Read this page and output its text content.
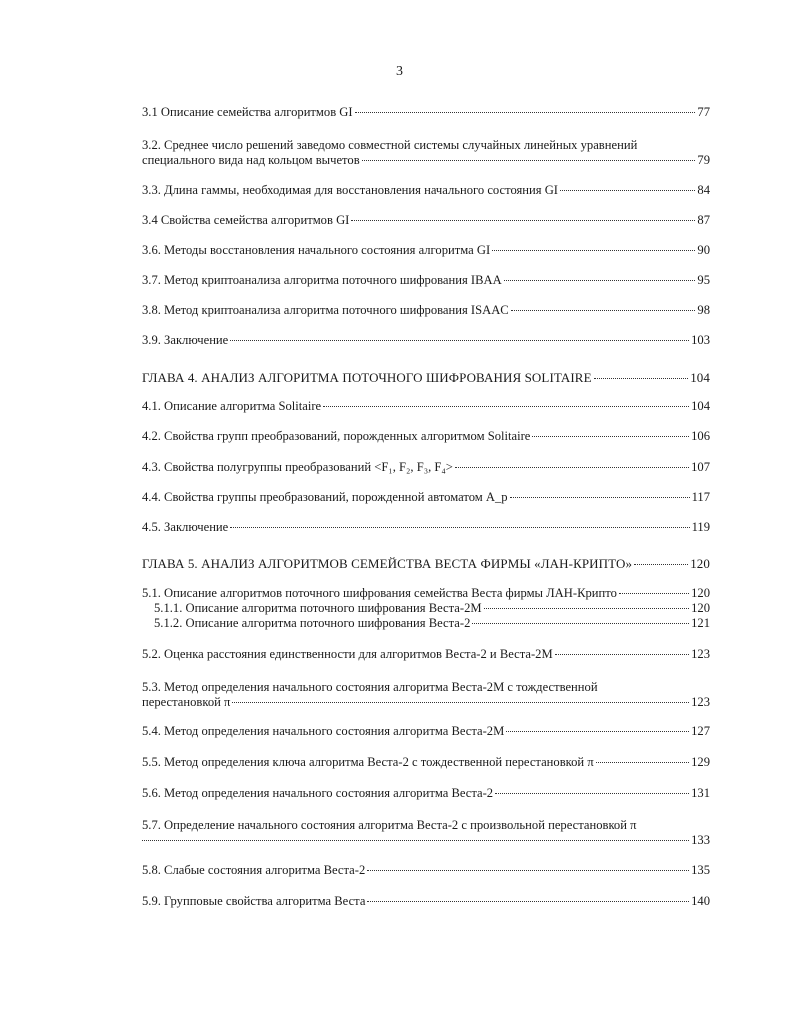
3
3.1 Описание семейства алгоритмов GI	77
3.2. Среднее число решений заведомо совместной системы случайных линейных уравнений
специального вида над кольцом вычетов	79
3.3. Длина гаммы, необходимая для восстановления начального состояния GI	84
3.4 Свойства семейства алгоритмов GI	87
3.6. Методы восстановления начального состояния алгоритма GI	90
3.7. Метод криптоанализа алгоритма поточного шифрования IBAA	95
3.8. Метод криптоанализа алгоритма поточного шифрования ISAAC	98
3.9. Заключение	103
ГЛАВА 4. АНАЛИЗ АЛГОРИТМА ПОТОЧНОГО ШИФРОВАНИЯ SOLITAIRE	104
4.1. Описание алгоритма Solitaire	104
4.2. Свойства групп преобразований, порожденных алгоритмом Solitaire	106
4.3. Свойства полугруппы преобразований <F₁, F₂, F₃, F₄>	107
4.4. Свойства группы преобразований, порожденной автоматом A_p	117
4.5. Заключение	119
ГЛАВА 5. АНАЛИЗ АЛГОРИТМОВ СЕМЕЙСТВА ВЕСТА ФИРМЫ «ЛАН-КРИПТО»	120
5.1. Описание алгоритмов поточного шифрования семейства Веста фирмы ЛАН-Крипто	120
5.1.1. Описание алгоритма поточного шифрования Веста-2М	120
5.1.2. Описание алгоритма поточного шифрования Веста-2	121
5.2. Оценка расстояния единственности для алгоритмов Веста-2 и Веста-2М	123
5.3. Метод определения начального состояния алгоритма Веста-2М с тождественной
перестановкой π	123
5.4. Метод определения начального состояния алгоритма Веста-2М	127
5.5. Метод определения ключа алгоритма Веста-2 с тождественной перестановкой π	129
5.6. Метод определения начального состояния алгоритма Веста-2	131
5.7. Определение начального состояния алгоритма Веста-2 с произвольной перестановкой π
133
5.8. Слабые состояния алгоритма Веста-2	135
5.9. Групповые свойства алгоритма Веста	140
